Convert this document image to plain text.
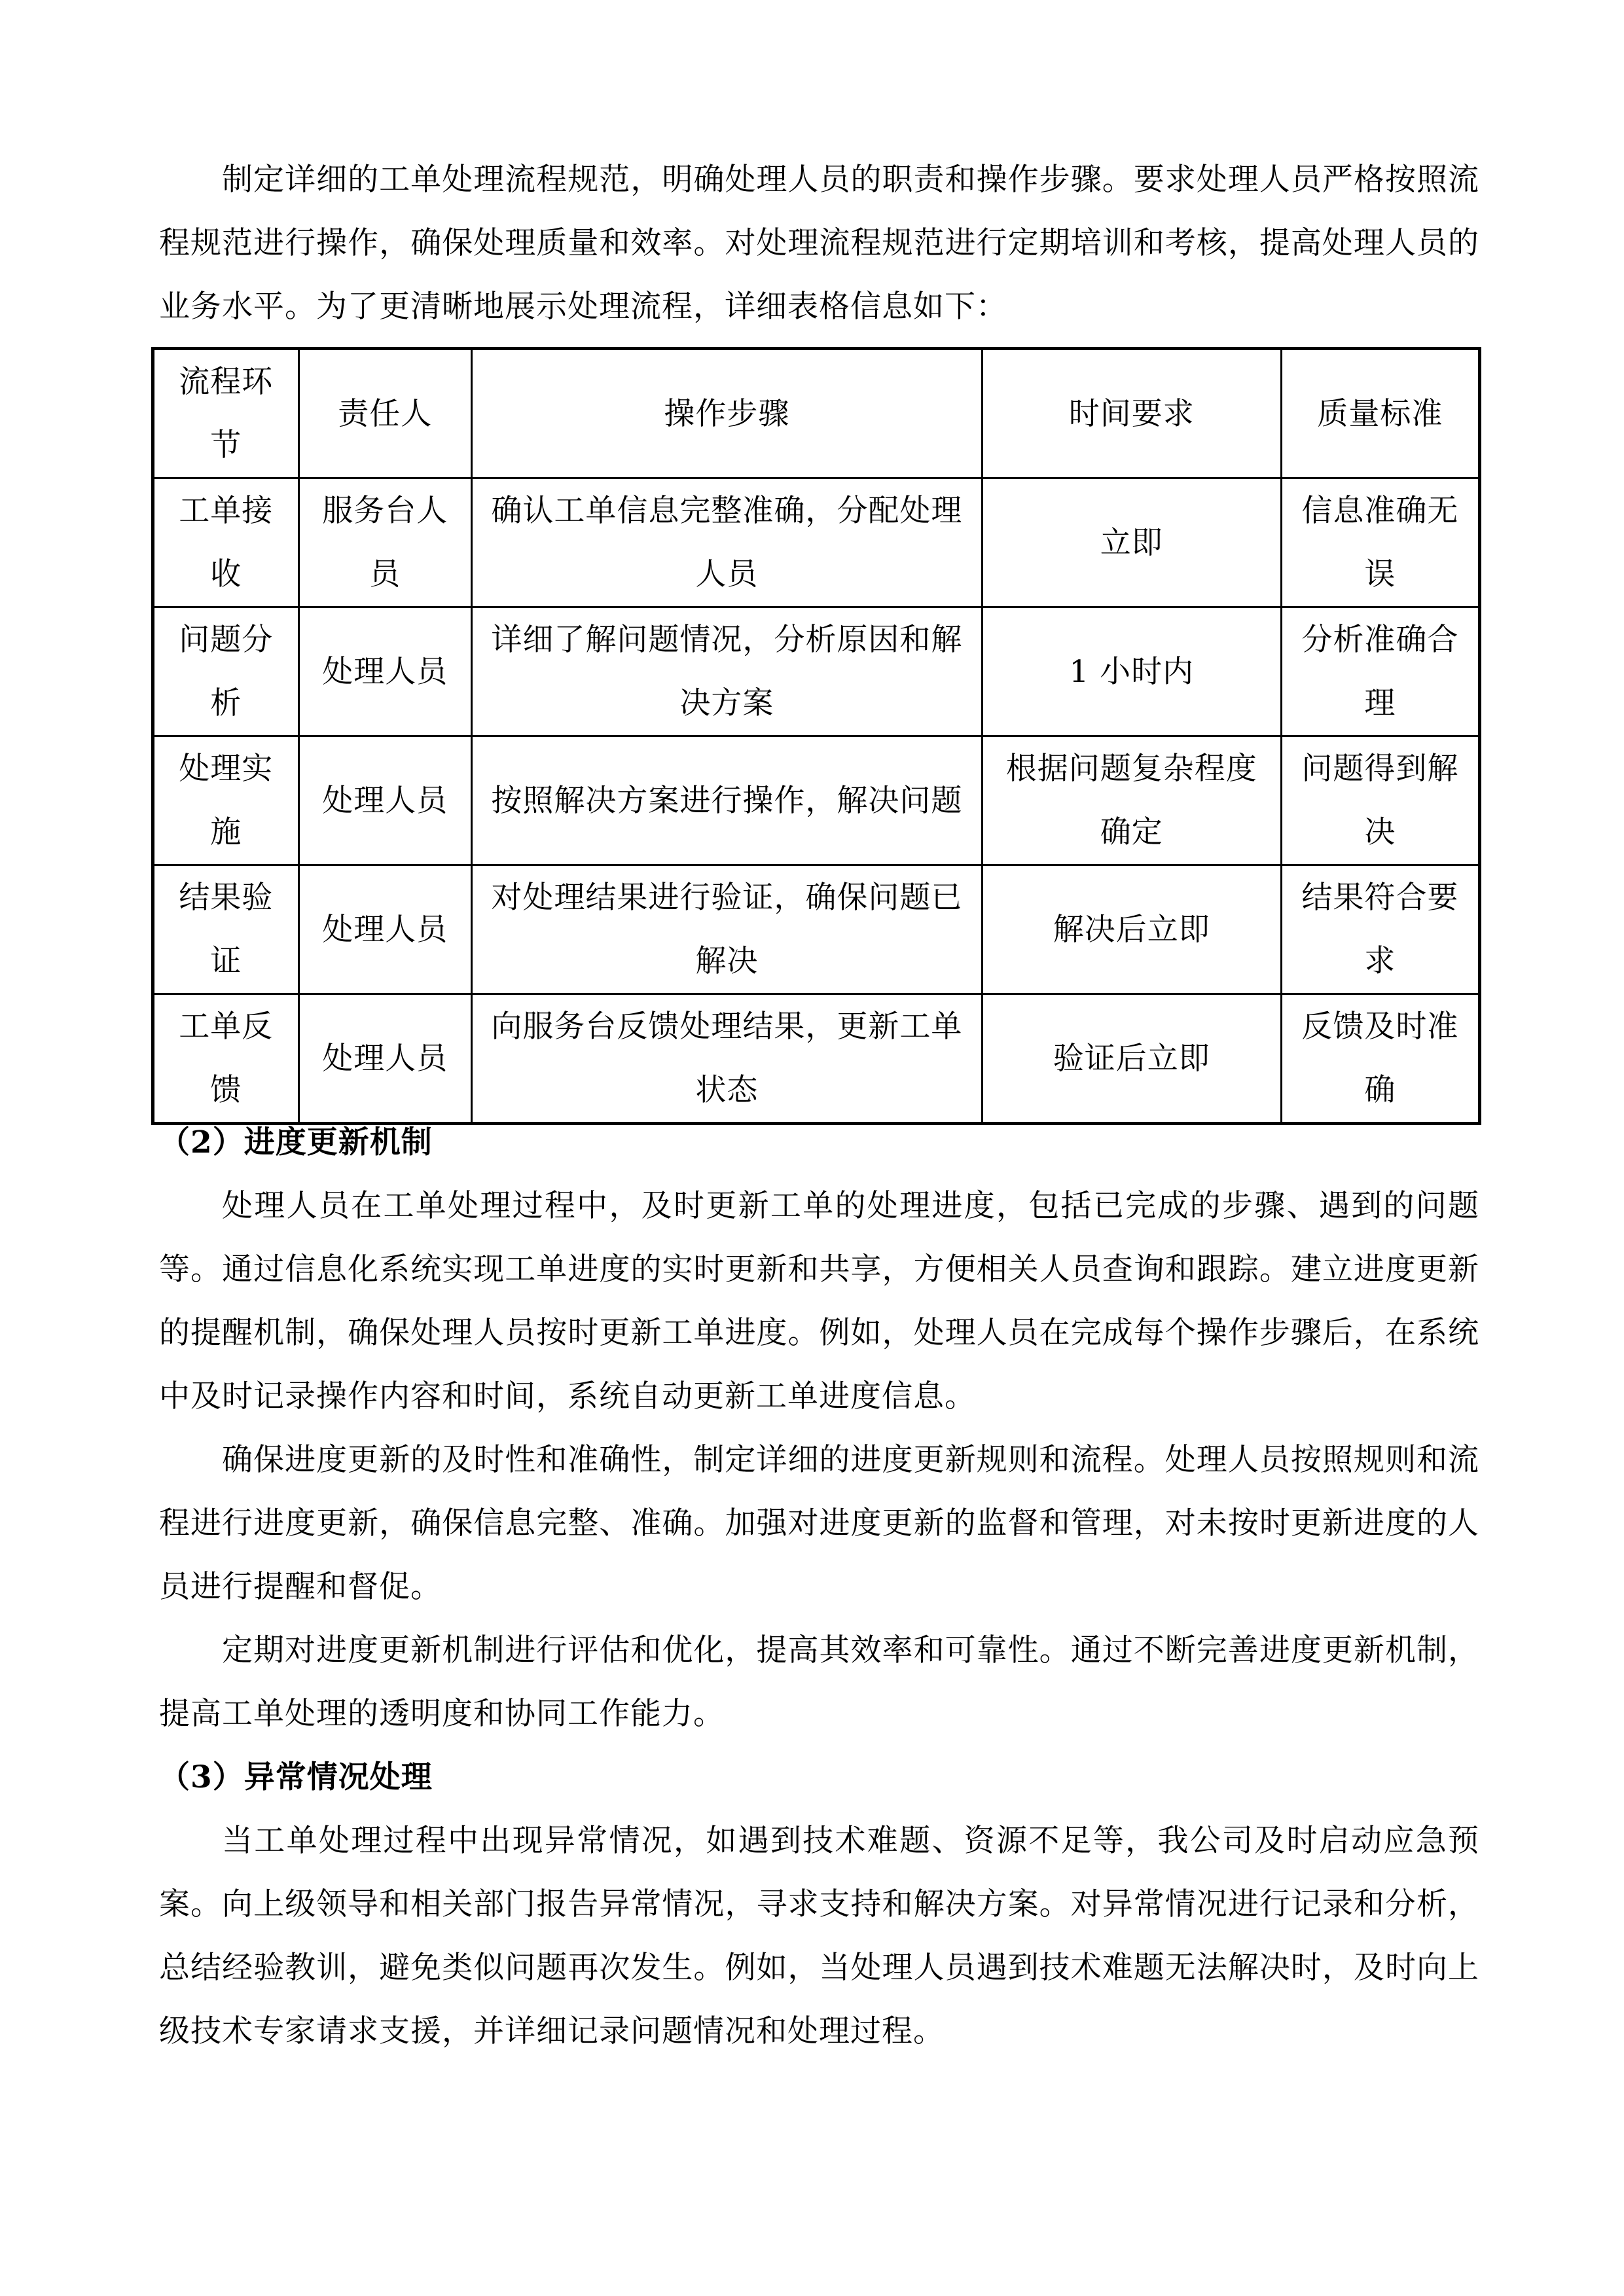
制定详细的工单处理流程规范，明确处理人员的职责和操作步骤。要求处理人员严格按照流程规范进行操作，确保处理质量和效率。对处理流程规范进行定期培训和考核，提高处理人员的业务水平。为了更清晰地展示处理流程，详细表格信息如下：

流程环节	责任人	操作步骤	时间要求	质量标准
工单接收	服务台人员	确认工单信息完整准确，分配处理人员	立即	信息准确无误
问题分析	处理人员	详细了解问题情况，分析原因和解决方案	1 小时内	分析准确合理
处理实施	处理人员	按照解决方案进行操作，解决问题	根据问题复杂程度确定	问题得到解决
结果验证	处理人员	对处理结果进行验证，确保问题已解决	解决后立即	结果符合要求
工单反馈	处理人员	向服务台反馈处理结果，更新工单状态	验证后立即	反馈及时准确

（2）进度更新机制

处理人员在工单处理过程中，及时更新工单的处理进度，包括已完成的步骤、遇到的问题等。通过信息化系统实现工单进度的实时更新和共享，方便相关人员查询和跟踪。建立进度更新的提醒机制，确保处理人员按时更新工单进度。例如，处理人员在完成每个操作步骤后，在系统中及时记录操作内容和时间，系统自动更新工单进度信息。

确保进度更新的及时性和准确性，制定详细的进度更新规则和流程。处理人员按照规则和流程进行进度更新，确保信息完整、准确。加强对进度更新的监督和管理，对未按时更新进度的人员进行提醒和督促。

定期对进度更新机制进行评估和优化，提高其效率和可靠性。通过不断完善进度更新机制，提高工单处理的透明度和协同工作能力。

（3）异常情况处理

当工单处理过程中出现异常情况，如遇到技术难题、资源不足等，我公司及时启动应急预案。向上级领导和相关部门报告异常情况，寻求支持和解决方案。对异常情况进行记录和分析，总结经验教训，避免类似问题再次发生。例如，当处理人员遇到技术难题无法解决时，及时向上级技术专家请求支援，并详细记录问题情况和处理过程。
